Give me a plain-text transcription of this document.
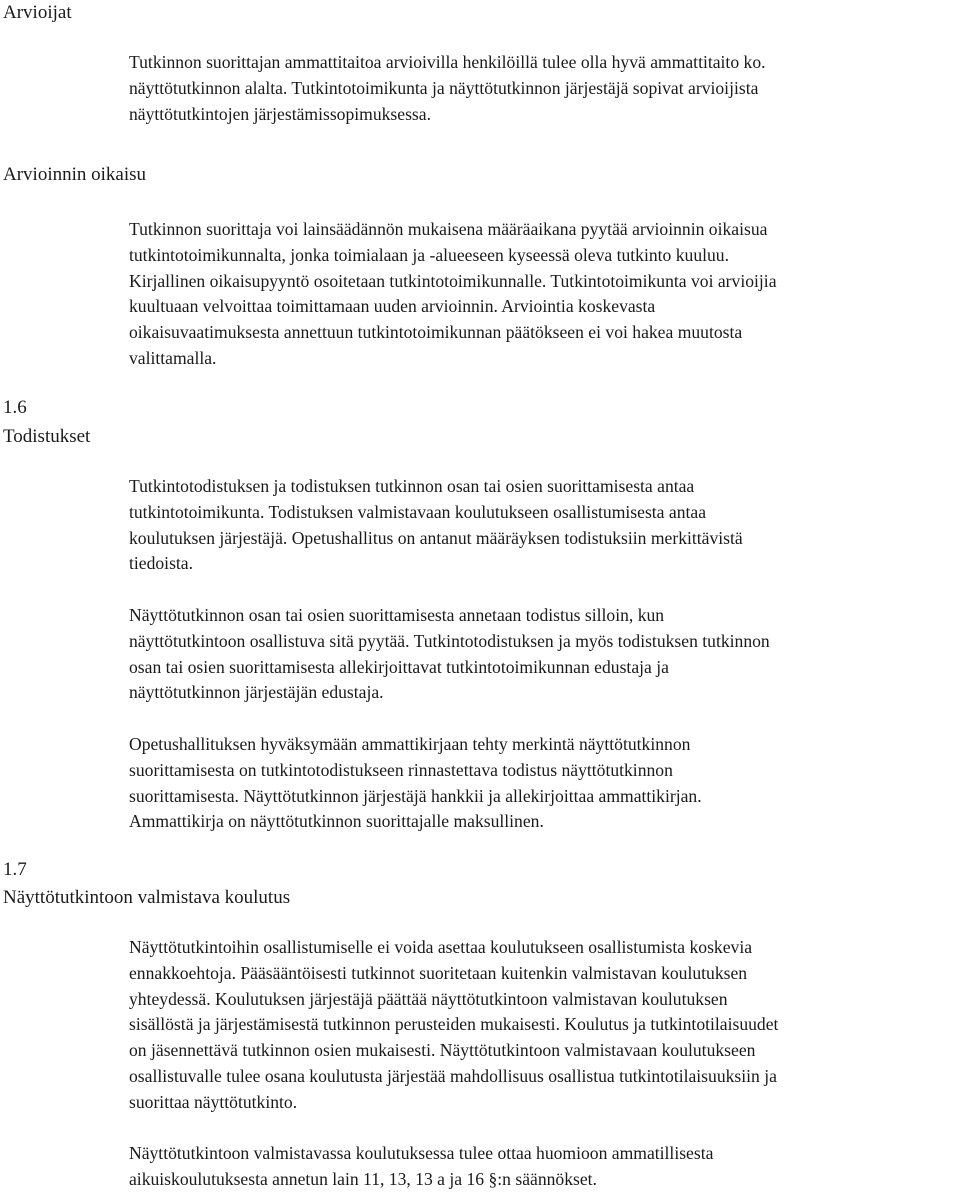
Arvioijat

Tutkinnon suorittajan ammattitaitoa arvioivilla henkilöillä tulee olla hyvä ammattitaito ko.
näyttötutkinnon alalta. Tutkintotoimikunta ja näyttötutkinnon järjestäjä sopivat arvioijista
näyttötutkintojen järjestämissopimuksessa.

Arvioinnin oikaisu

Tutkinnon suorittaja voi lainsäädännön mukaisena määräaikana pyytää arvioinnin oikaisua
tutkintotoimikunnalta, jonka toimialaan ja -alueeseen kyseessä oleva tutkinto kuuluu.
Kirjallinen oikaisupyyntö osoitetaan tutkintotoimikunnalle. Tutkintotoimikunta voi arvioijia
kuultuaan velvoittaa toimittamaan uuden arvioinnin. Arviointia koskevasta
oikaisuvaatimuksesta annettuun tutkintotoimikunnan päätökseen ei voi hakea muutosta
valittamalla.

1.6
Todistukset

Tutkintotodistuksen ja todistuksen tutkinnon osan tai osien suorittamisesta antaa
tutkintotoimikunta. Todistuksen valmistavaan koulutukseen osallistumisesta antaa
koulutuksen järjestäjä. Opetushallitus on antanut määräyksen todistuksiin merkittävistä
tiedoista.

Näyttötutkinnon osan tai osien suorittamisesta annetaan todistus silloin, kun
näyttötutkintoon osallistuva sitä pyytää. Tutkintotodistuksen ja myös todistuksen tutkinnon
osan tai osien suorittamisesta allekirjoittavat tutkintotoimikunnan edustaja ja
näyttötutkinnon järjestäjän edustaja.

Opetushallituksen hyväksymään ammattikirjaan tehty merkintä näyttötutkinnon
suorittamisesta on tutkintotodistukseen rinnastettava todistus näyttötutkinnon
suorittamisesta. Näyttötutkinnon järjestäjä hankkii ja allekirjoittaa ammattikirjan.
Ammattikirja on näyttötutkinnon suorittajalle maksullinen.

1.7
Näyttötutkintoon valmistava koulutus

Näyttötutkintoihin osallistumiselle ei voida asettaa koulutukseen osallistumista koskevia
ennakkoehtoja. Pääsääntöisesti tutkinnot suoritetaan kuitenkin valmistavan koulutuksen
yhteydessä. Koulutuksen järjestäjä päättää näyttötutkintoon valmistavan koulutuksen
sisällöstä ja järjestämisestä tutkinnon perusteiden mukaisesti. Koulutus ja tutkintotilaisuudet
on jäsennettävä tutkinnon osien mukaisesti. Näyttötutkintoon valmistavaan koulutukseen
osallistuvalle tulee osana koulutusta järjestää mahdollisuus osallistua tutkintotilaisuuksiin ja
suorittaa näyttötutkinto.

Näyttötutkintoon valmistavassa koulutuksessa tulee ottaa huomioon ammatillisesta
aikuiskoulutuksesta annetun lain 11, 13, 13 a ja 16 §:n säännökset.
